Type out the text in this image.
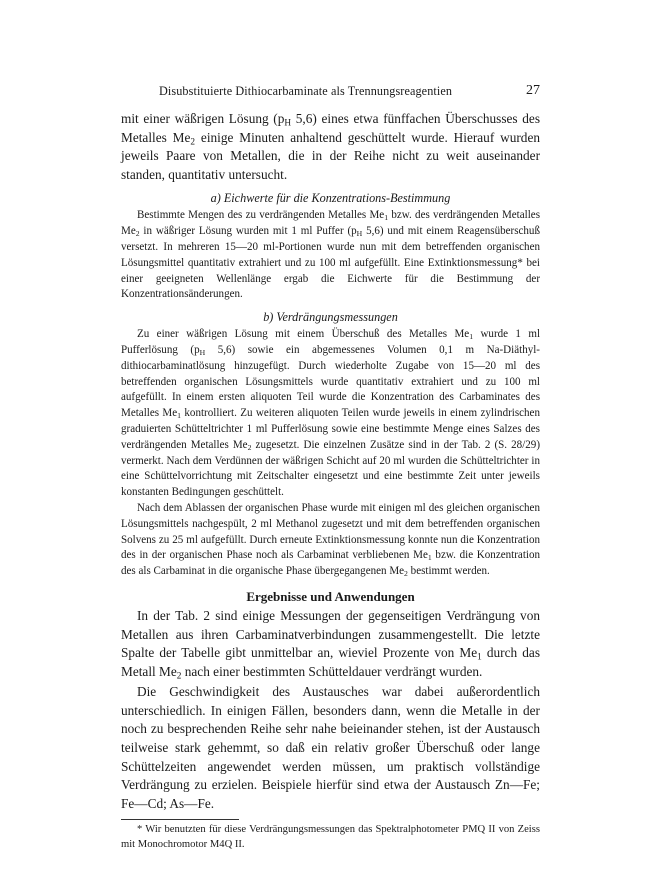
Disubstituierte Dithiocarbaminate als Trennungsreagentien	27

mit einer wäßrigen Lösung ($p_H$ 5,6) eines etwa fünffachen Überschusses des Metalles $Me_2$ einige Minuten anhaltend geschüttelt wurde. Hierauf wurden jeweils Paare von Metallen, die in der Reihe nicht zu weit auseinander standen, quantitativ untersucht.

a) Eichwerte für die Konzentrations-Bestimmung

Bestimmte Mengen des zu verdrängenden Metalles $Me_1$ bzw. des verdrängenden Metalles $Me_2$ in wäßriger Lösung wurden mit 1 ml Puffer ($p_H$ 5,6) und mit einem Reagensüberschuß versetzt. In mehreren 15—20 ml-Portionen wurde nun mit dem betreffenden organischen Lösungsmittel quantitativ extrahiert und zu 100 ml aufgefüllt. Eine Extinktionsmessung* bei einer geeigneten Wellenlänge ergab die Eichwerte für die Bestimmung der Konzentrationsänderungen.

b) Verdrängungsmessungen

Zu einer wäßrigen Lösung mit einem Überschuß des Metalles $Me_1$ wurde 1 ml Pufferlösung ($p_H$ 5,6) sowie ein abgemessenes Volumen 0,1 m Na-Diäthyl-dithiocarbaminatlösung hinzugefügt. Durch wiederholte Zugabe von 15—20 ml des betreffenden organischen Lösungsmittels wurde quantitativ extrahiert und zu 100 ml aufgefüllt. In einem ersten aliquoten Teil wurde die Konzentration des Carbaminates des Metalles $Me_1$ kontrolliert. Zu weiteren aliquoten Teilen wurde jeweils in einem zylindrischen graduierten Schütteltrichter 1 ml Pufferlösung sowie eine bestimmte Menge eines Salzes des verdrängenden Metalles $Me_2$ zugesetzt. Die einzelnen Zusätze sind in der Tab. 2 (S. 28/29) vermerkt. Nach dem Verdünnen der wäßrigen Schicht auf 20 ml wurden die Schütteltrichter in eine Schüttelvorrichtung mit Zeitschalter eingesetzt und eine bestimmte Zeit unter jeweils konstanten Bedingungen geschüttelt.

Nach dem Ablassen der organischen Phase wurde mit einigen ml des gleichen organischen Lösungsmittels nachgespült, 2 ml Methanol zugesetzt und mit dem betreffenden organischen Solvens zu 25 ml aufgefüllt. Durch erneute Extinktionsmessung konnte nun die Konzentration des in der organischen Phase noch als Carbaminat verbliebenen $Me_1$ bzw. die Konzentration des als Carbaminat in die organische Phase übergegangenen $Me_2$ bestimmt werden.

Ergebnisse und Anwendungen

In der Tab. 2 sind einige Messungen der gegenseitigen Verdrängung von Metallen aus ihren Carbaminatverbindungen zusammengestellt. Die letzte Spalte der Tabelle gibt unmittelbar an, wieviel Prozente von $Me_1$ durch das Metall $Me_2$ nach einer bestimmten Schütteldauer verdrängt wurden.

Die Geschwindigkeit des Austausches war dabei außerordentlich unterschiedlich. In einigen Fällen, besonders dann, wenn die Metalle in der noch zu besprechenden Reihe sehr nahe beieinander stehen, ist der Austausch teilweise stark gehemmt, so daß ein relativ großer Überschuß oder lange Schüttelzeiten angewendet werden müssen, um praktisch vollständige Verdrängung zu erzielen. Beispiele hierfür sind etwa der Austausch Zn—Fe; Fe—Cd; As—Fe.

* Wir benutzten für diese Verdrängungsmessungen das Spektralphotometer PMQ II von Zeiss mit Monochromotor M4Q II.
